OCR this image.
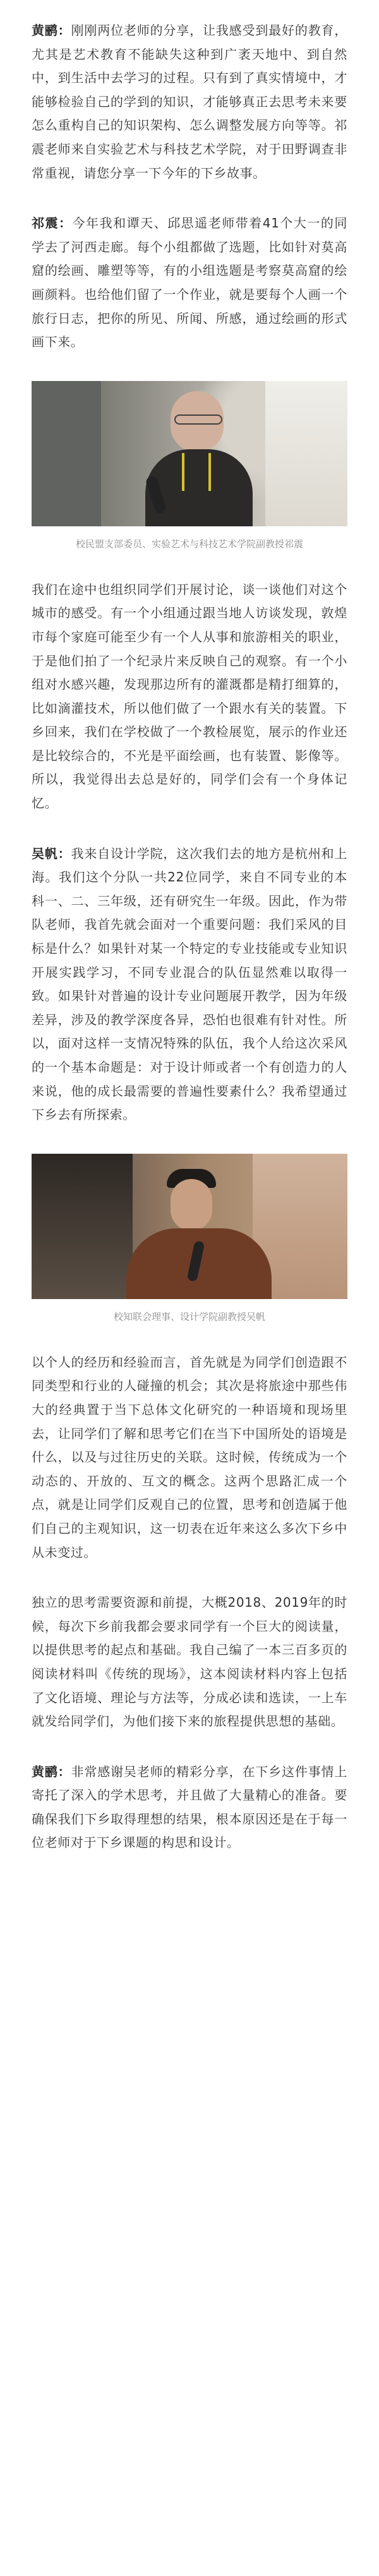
黄鹂：刚刚两位老师的分享，让我感受到最好的教育，尤其是艺术教育不能缺失这种到广袤天地中、到自然中，到生活中去学习的过程。只有到了真实情境中，才能够检验自己的学到的知识，才能够真正去思考未来要怎么重构自己的知识架构、怎么调整发展方向等等。祁震老师来自实验艺术与科技艺术学院，对于田野调查非常重视，请您分享一下今年的下乡故事。

祁震：今年我和谭天、邱思遥老师带着41个大一的同学去了河西走廊。每个小组都做了选题，比如针对莫高窟的绘画、雕塑等等，有的小组选题是考察莫高窟的绘画颜料。也给他们留了一个作业，就是要每个人画一个旅行日志，把你的所见、所闻、所感，通过绘画的形式画下来。

校民盟支部委员、实验艺术与科技艺术学院副教授祁震

我们在途中也组织同学们开展讨论，谈一谈他们对这个城市的感受。有一个小组通过跟当地人访谈发现，敦煌市每个家庭可能至少有一个人从事和旅游相关的职业，于是他们拍了一个纪录片来反映自己的观察。有一个小组对水感兴趣，发现那边所有的灌溉都是精打细算的，比如滴灌技术，所以他们做了一个跟水有关的装置。下乡回来，我们在学校做了一个教检展览，展示的作业还是比较综合的，不光是平面绘画，也有装置、影像等。所以，我觉得出去总是好的，同学们会有一个身体记忆。

吴帆：我来自设计学院，这次我们去的地方是杭州和上海。我们这个分队一共22位同学，来自不同专业的本科一、二、三年级，还有研究生一年级。因此，作为带队老师，我首先就会面对一个重要问题：我们采风的目标是什么？如果针对某一个特定的专业技能或专业知识开展实践学习，不同专业混合的队伍显然难以取得一致。如果针对普遍的设计专业问题展开教学，因为年级差异，涉及的教学深度各异，恐怕也很难有针对性。所以，面对这样一支情况特殊的队伍，我个人给这次采风的一个基本命题是：对于设计师或者一个有创造力的人来说，他的成长最需要的普遍性要素什么？我希望通过下乡去有所探索。

校知联会理事、设计学院副教授吴帆

以个人的经历和经验而言，首先就是为同学们创造跟不同类型和行业的人碰撞的机会；其次是将旅途中那些伟大的经典置于当下总体文化研究的一种语境和现场里去，让同学们了解和思考它们在当下中国所处的语境是什么，以及与过往历史的关联。这时候，传统成为一个动态的、开放的、互文的概念。这两个思路汇成一个点，就是让同学们反观自己的位置，思考和创造属于他们自己的主观知识，这一切表在近年来这么多次下乡中从未变过。

独立的思考需要资源和前提，大概2018、2019年的时候，每次下乡前我都会要求同学有一个巨大的阅读量，以提供思考的起点和基础。我自己编了一本三百多页的阅读材料叫《传统的现场》，这本阅读材料内容上包括了文化语境、理论与方法等，分成必读和选读，一上车就发给同学们，为他们接下来的旅程提供思想的基础。

黄鹂：非常感谢吴老师的精彩分享，在下乡这件事情上寄托了深入的学术思考，并且做了大量精心的准备。要确保我们下乡取得理想的结果，根本原因还是在于每一位老师对于下乡课题的构思和设计。
